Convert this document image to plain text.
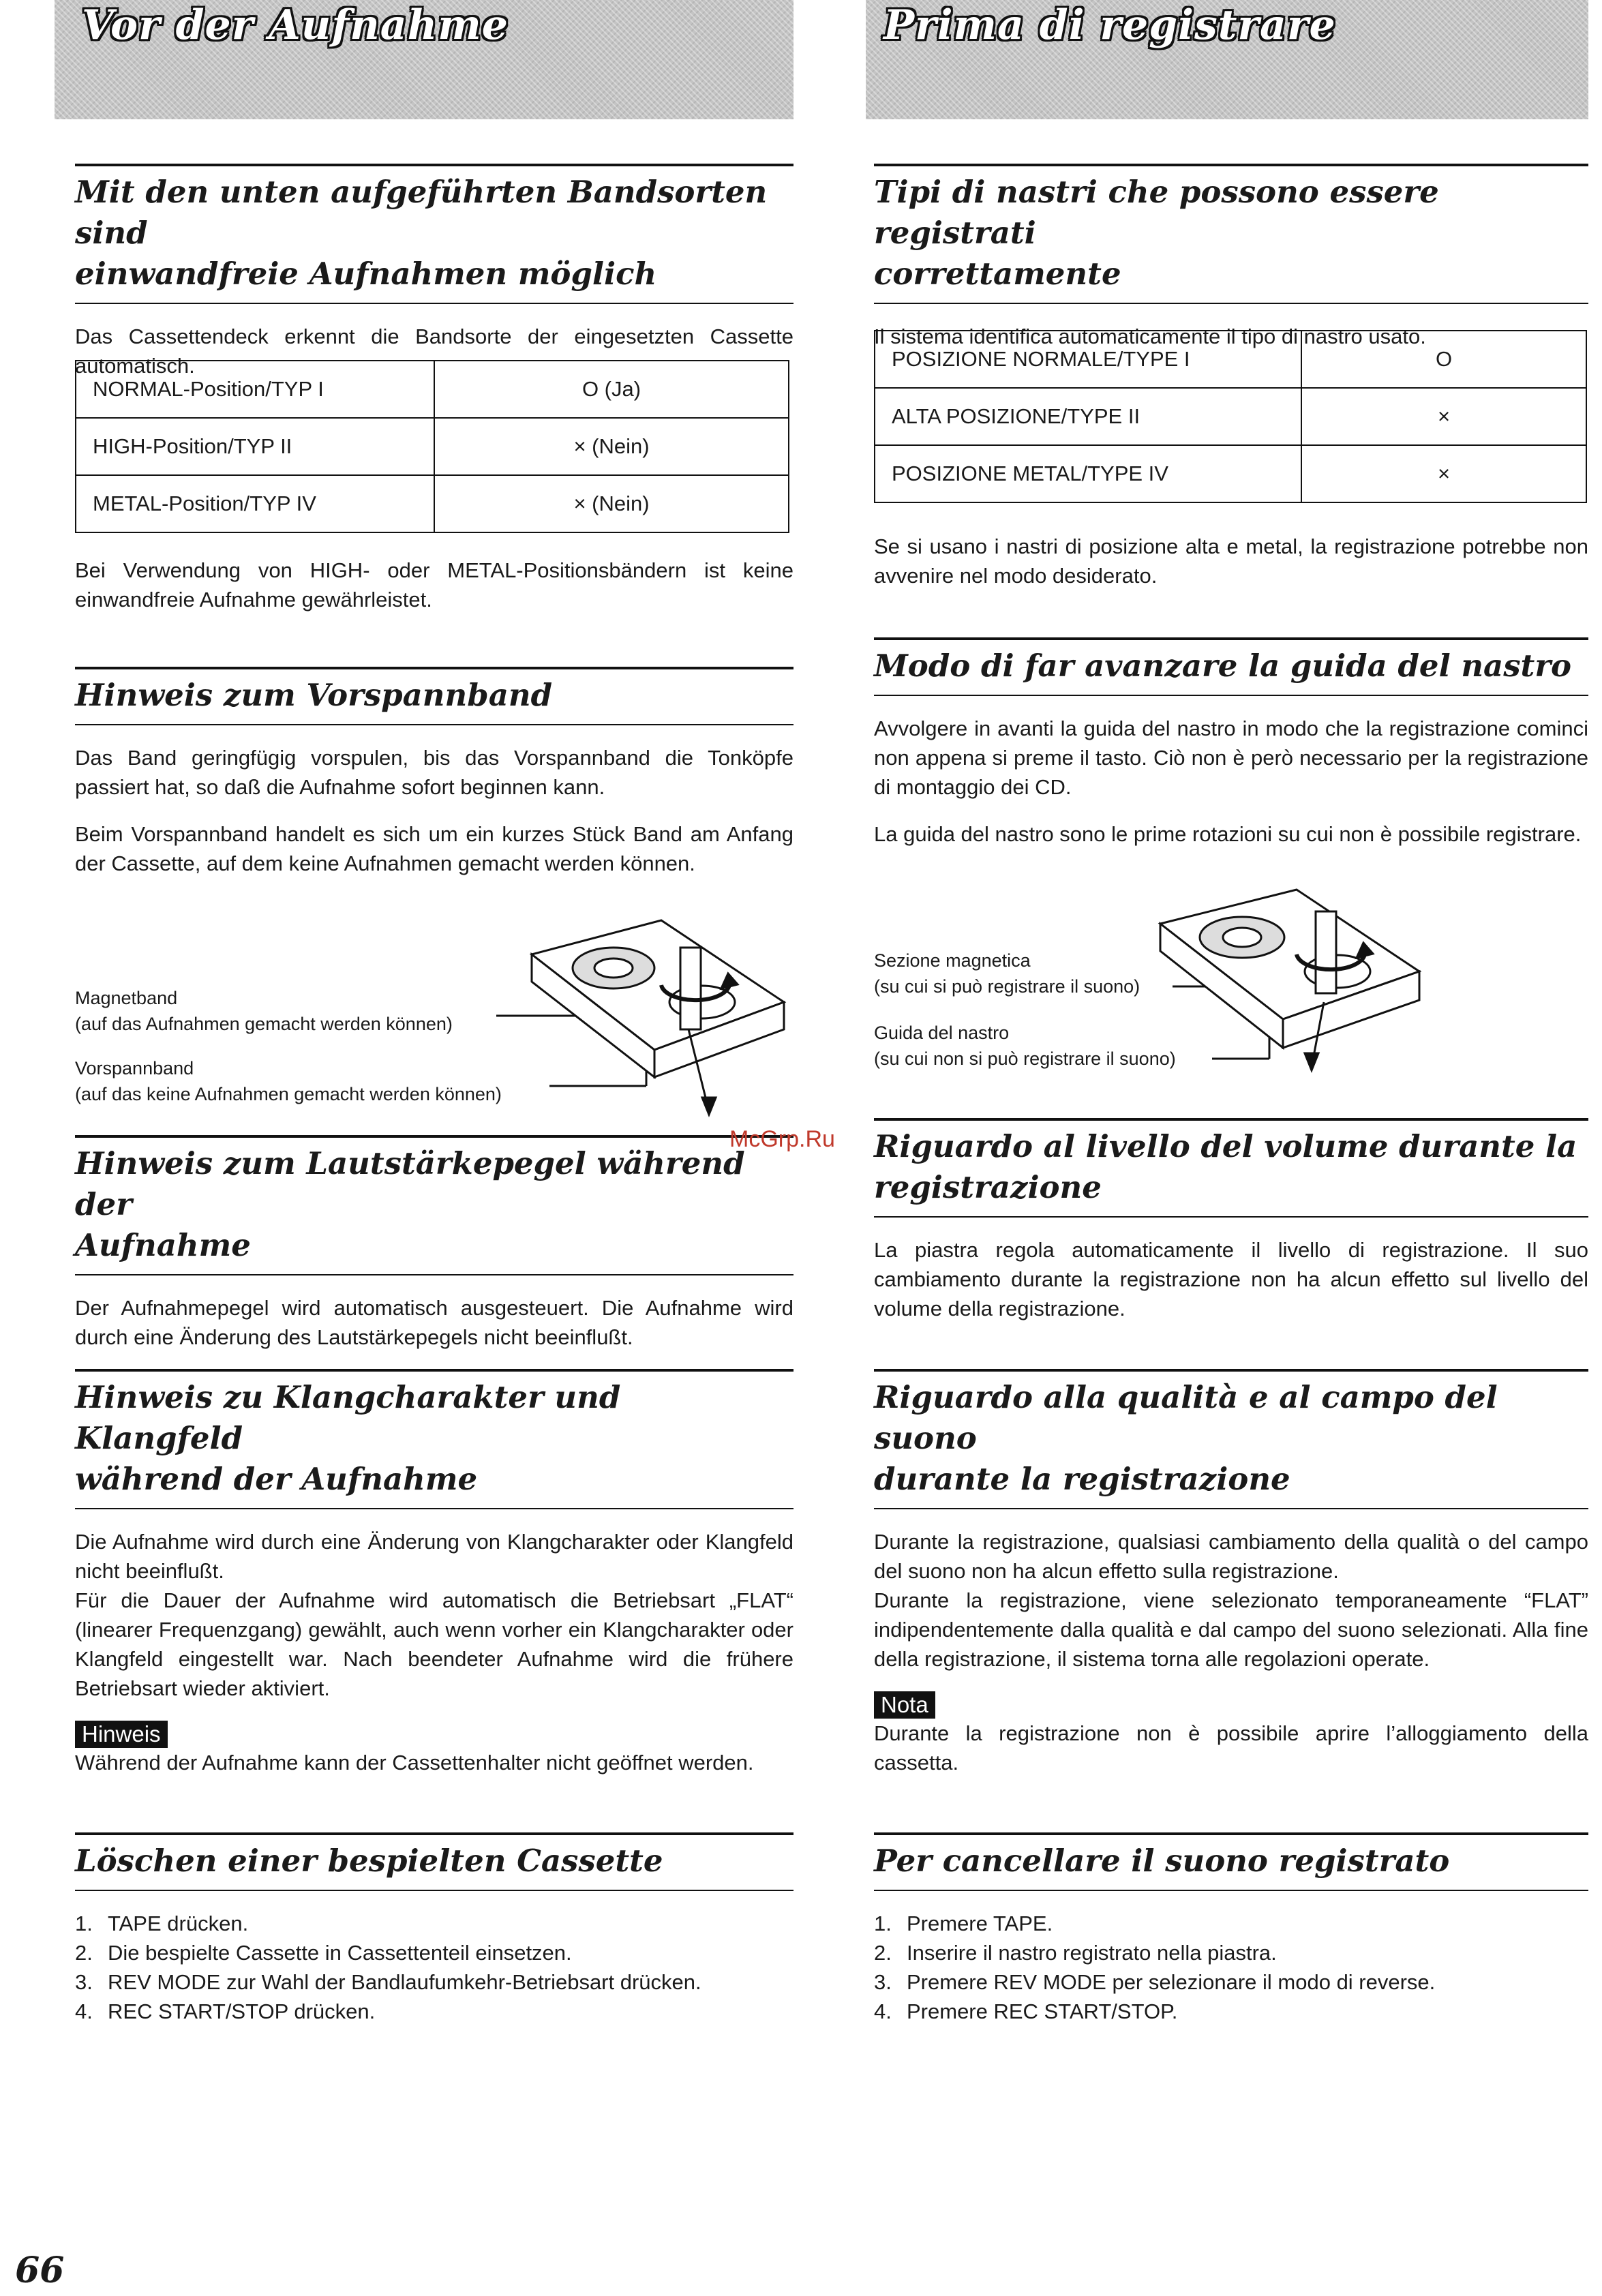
Vor der Aufnahme
Mit den unten aufgeführten Bandsorten sind
einwandfreie Aufnahmen möglich

Das Cassettendeck erkennt die Bandsorte der eingesetzten Cassette automatisch.

NORMAL-Position/TYP I	O (Ja)
HIGH-Position/TYP II	× (Nein)
METAL-Position/TYP IV	× (Nein)

Bei Verwendung von HIGH- oder METAL-Positionsbändern ist keine einwandfreie Aufnahme gewährleistet.

Hinweis zum Vorspannband

Das Band geringfügig vorspulen, bis das Vorspannband die Tonköpfe passiert hat, so daß die Aufnahme sofort beginnen kann.

Beim Vorspannband handelt es sich um ein kurzes Stück Band am Anfang der Cassette, auf dem keine Aufnahmen gemacht werden können.

Magnetband
(auf das Aufnahmen gemacht werden können)
Vorspannband
(auf das keine Aufnahmen gemacht werden können)
Hinweis zum Lautstärkepegel während der
Aufnahme

Der Aufnahmepegel wird automatisch ausgesteuert. Die Aufnahme wird durch eine Änderung des Lautstärkepegels nicht beeinflußt.

Hinweis zu Klangcharakter und Klangfeld
während der Aufnahme

Die Aufnahme wird durch eine Änderung von Klangcharakter oder Klangfeld nicht beeinflußt.

Für die Dauer der Aufnahme wird automatisch die Betriebsart „FLAT“ (linearer Frequenzgang) gewählt, auch wenn vorher ein Klangcharakter oder Klangfeld eingestellt war. Nach beendeter Aufnahme wird die frühere Betriebsart wieder aktiviert.

Hinweis

Während der Aufnahme kann der Cassettenhalter nicht geöffnet werden.

Löschen einer bespielten Cassette
1. TAPE drücken.
2. Die bespielte Cassette in Cassettenteil einsetzen.
3. REV MODE zur Wahl der Bandlaufumkehr-Betriebsart drücken.
4. REC START/STOP drücken.
Prima di registrare
Tipi di nastri che possono essere registrati
correttamente

Il sistema identifica automaticamente il tipo di nastro usato.

POSIZIONE NORMALE/TYPE I	O
ALTA POSIZIONE/TYPE II	×
POSIZIONE METAL/TYPE IV	×

Se si usano i nastri di posizione alta e metal, la registrazione potrebbe non avvenire nel modo desiderato.

Modo di far avanzare la guida del nastro

Avvolgere in avanti la guida del nastro in modo che la registrazione cominci non appena si preme il tasto. Ciò non è però necessario per la registrazione di montaggio dei CD.

La guida del nastro sono le prime rotazioni su cui non è possibile registrare.

Sezione magnetica
(su cui si può registrare il suono)
Guida del nastro
(su cui non si può registrare il suono)
Riguardo al livello del volume durante la
registrazione

La piastra regola automaticamente il livello di registrazione. Il suo cambiamento durante la registrazione non ha alcun effetto sul livello del volume della registrazione.

Riguardo alla qualità e al campo del suono
durante la registrazione

Durante la registrazione, qualsiasi cambiamento della qualità o del campo del suono non ha alcun effetto sulla registrazione.

Durante la registrazione, viene selezionato temporaneamente “FLAT” indipendentemente dalla qualità e dal campo del suono selezionati. Alla fine della registrazione, il sistema torna alle regolazioni operate.

Nota

Durante la registrazione non è possibile aprire l’alloggiamento della cassetta.

Per cancellare il suono registrato
1. Premere TAPE.
2. Inserire il nastro registrato nella piastra.
3. Premere REV MODE per selezionare il modo di reverse.
4. Premere REC START/STOP.
McGrp.Ru
66
